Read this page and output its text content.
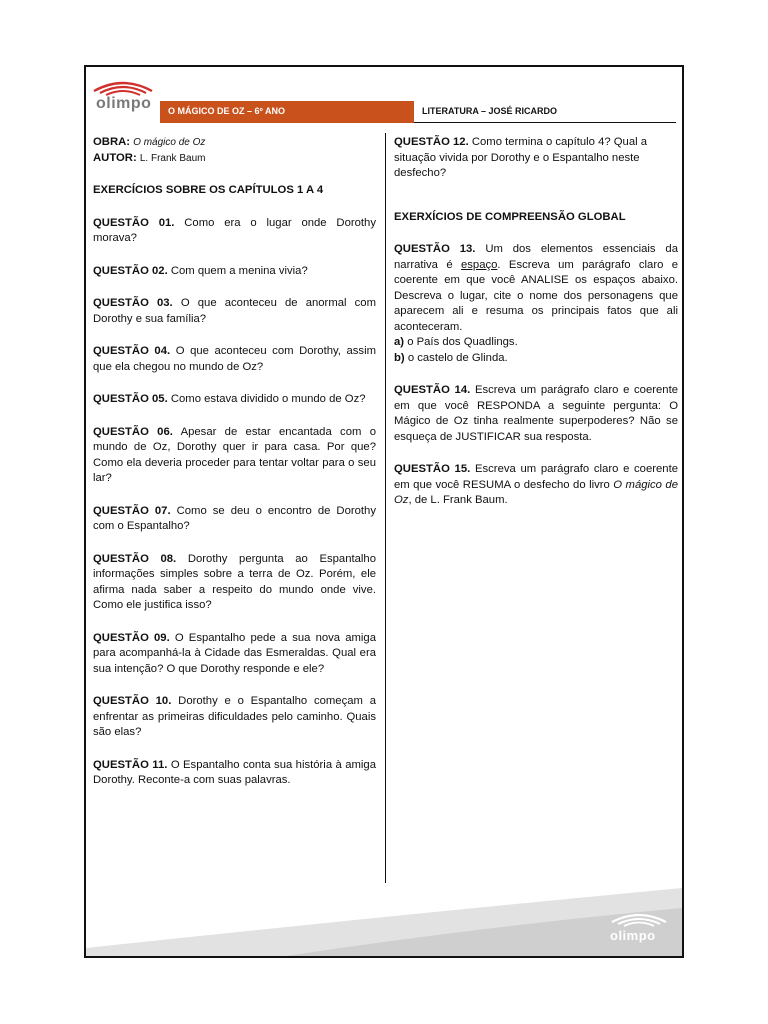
olimpo O MÁGICO DE OZ – 6º ANO	LITERATURA – JOSÉ RICARDO
OBRA: O mágico de Oz
AUTOR: L. Frank Baum
EXERCÍCIOS SOBRE OS CAPÍTULOS 1 A 4
QUESTÃO 01. Como era o lugar onde Dorothy morava?
QUESTÃO 02. Com quem a menina vivia?
QUESTÃO 03. O que aconteceu de anormal com Dorothy e sua família?
QUESTÃO 04. O que aconteceu com Dorothy, assim que ela chegou no mundo de Oz?
QUESTÃO 05. Como estava dividido o mundo de Oz?
QUESTÃO 06. Apesar de estar encantada com o mundo de Oz, Dorothy quer ir para casa. Por que? Como ela deveria proceder para tentar voltar para o seu lar?
QUESTÃO 07. Como se deu o encontro de Dorothy com o Espantalho?
QUESTÃO 08. Dorothy pergunta ao Espantalho informações simples sobre a terra de Oz. Porém, ele afirma nada saber a respeito do mundo onde vive. Como ele justifica isso?
QUESTÃO 09. O Espantalho pede a sua nova amiga para acompanhá-la à Cidade das Esmeraldas. Qual era sua intenção? O que Dorothy responde e ele?
QUESTÃO 10. Dorothy e o Espantalho começam a enfrentar as primeiras dificuldades pelo caminho. Quais são elas?
QUESTÃO 11. O Espantalho conta sua história à amiga Dorothy. Reconte-a com suas palavras.
QUESTÃO 12. Como termina o capítulo 4? Qual a situação vivida por Dorothy e o Espantalho neste desfecho?
EXERXÍCIOS DE COMPREENSÃO GLOBAL
QUESTÃO 13. Um dos elementos essenciais da narrativa é espaço. Escreva um parágrafo claro e coerente em que você ANALISE os espaços abaixo. Descreva o lugar, cite o nome dos personagens que aparecem ali e resuma os principais fatos que ali aconteceram.
a) o País dos Quadlings.
b) o castelo de Glinda.
QUESTÃO 14. Escreva um parágrafo claro e coerente em que você RESPONDA a seguinte pergunta: O Mágico de Oz tinha realmente superpoderes? Não se esqueça de JUSTIFICAR sua resposta.
QUESTÃO 15. Escreva um parágrafo claro e coerente em que você RESUMA o desfecho do livro O mágico de Oz, de L. Frank Baum.
olimpo
